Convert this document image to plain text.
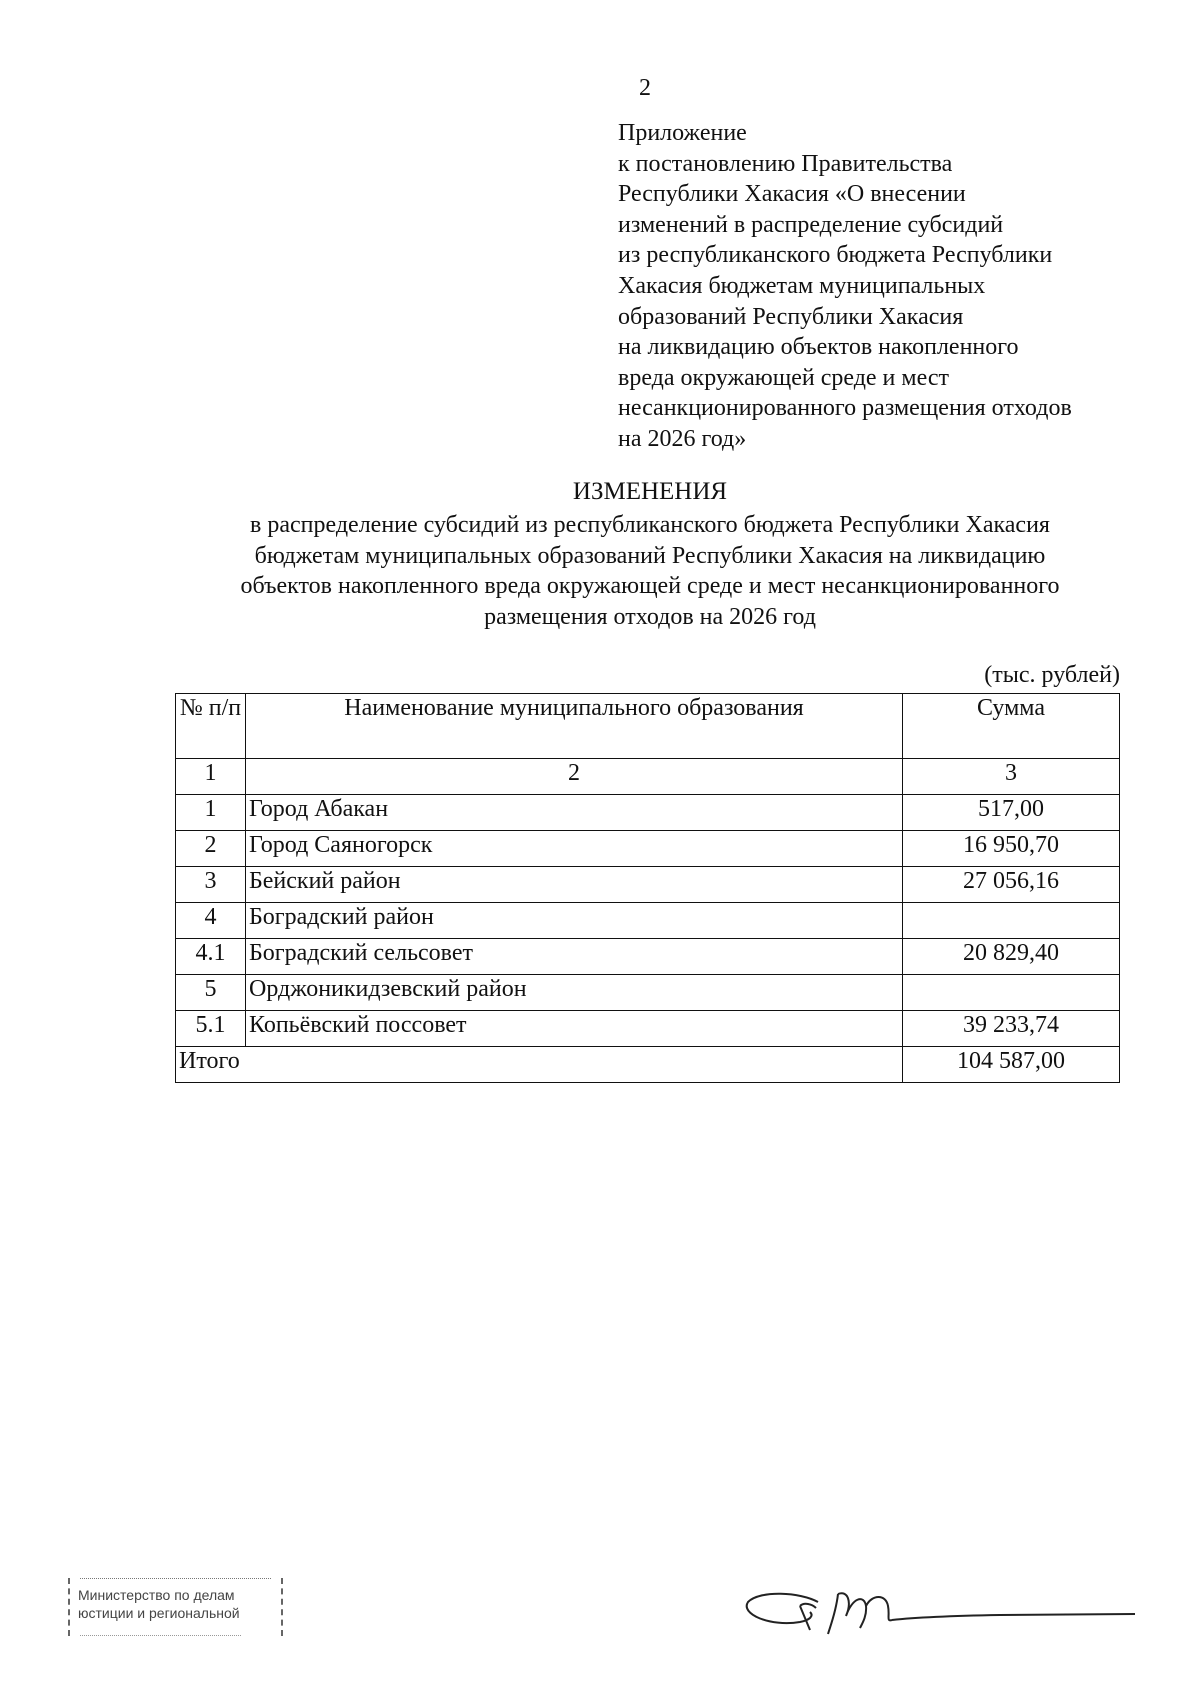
2
Приложение
к постановлению Правительства
Республики Хакасия «О внесении
изменений в распределение субсидий
из республиканского бюджета Республики
Хакасия бюджетам муниципальных
образований Республики Хакасия
на ликвидацию объектов накопленного
вреда окружающей среде и мест
несанкционированного размещения отходов
на 2026 год»
ИЗМЕНЕНИЯ
в распределение субсидий из республиканского бюджета Республики Хакасия
бюджетам муниципальных образований Республики Хакасия на ликвидацию
объектов накопленного вреда окружающей среде и мест несанкционированного
размещения отходов на 2026 год
(тыс. рублей)
№ п/п	Наименование муниципального образования	Сумма
1	2	3
1	Город Абакан	517,00
2	Город Саяногорск	16 950,70
3	Бейский район	27 056,16
4	Боградский район	
4.1	Боградский сельсовет	20 829,40
5	Орджоникидзевский район	
5.1	Копьёвский поссовет	39 233,74
Итого		104 587,00
Министерство по делам
юстиции и региональной
